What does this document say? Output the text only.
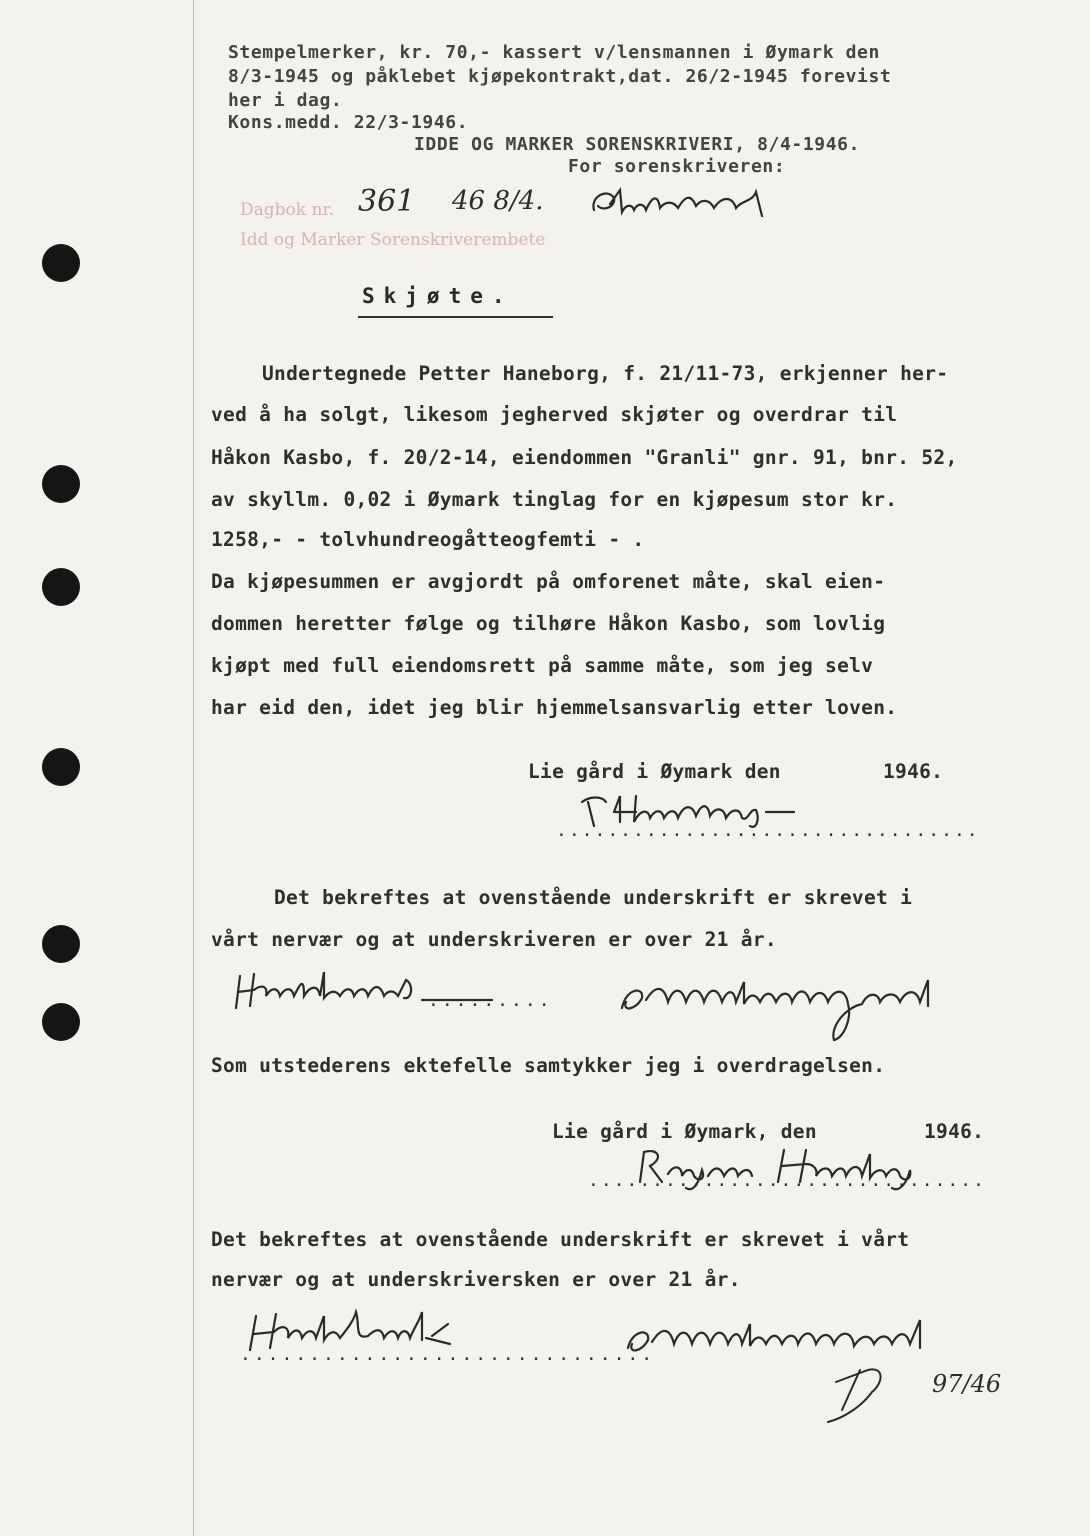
Stempelmerker, kr. 70,- kassert v/lensmannen i Øymark den
8/3-1945 og påklebet kjøpekontrakt,dat. 26/2-1945 forevist
her i dag.
Kons.medd. 22/3-1946.
IDDE OG MARKER SORENSKRIVERI, 8/4-1946.
For sorenskriveren:
Dagbok nr. 361 46 8/4.
Idd og Marker Sorenskriverembete
Skjøte.
Undertegnede Petter Haneborg, f. 21/11-73, erkjenner her-
ved å ha solgt, likesom jegherved skjøter og overdrar til
Håkon Kasbo, f. 20/2-14, eiendommen "Granli" gnr. 91, bnr. 52,
av skyllm. 0,02 i Øymark tinglag for en kjøpesum stor kr.
1258,- - tolvhundreogåtteogfemti - .
Da kjøpesummen er avgjordt på omforenet måte, skal eien-
dommen heretter følge og tilhøre Håkon Kasbo, som lovlig
kjøpt med full eiendomsrett på samme måte, som jeg selv
har eid den, idet jeg blir hjemmelsansvarlig etter loven.
Lie gård i Øymark den	1946.
.................................
Det bekreftes at ovenstående underskrift er skrevet i
vårt nervær og at underskriveren er over 21 år.
.........
Som utstederens ektefelle samtykker jeg i overdragelsen.
Lie gård i Øymark, den	1946.
...............................
Det bekreftes at ovenstående underskrift er skrevet i vårt
nervær og at underskriversken er over 21 år.
..............................
97/46
